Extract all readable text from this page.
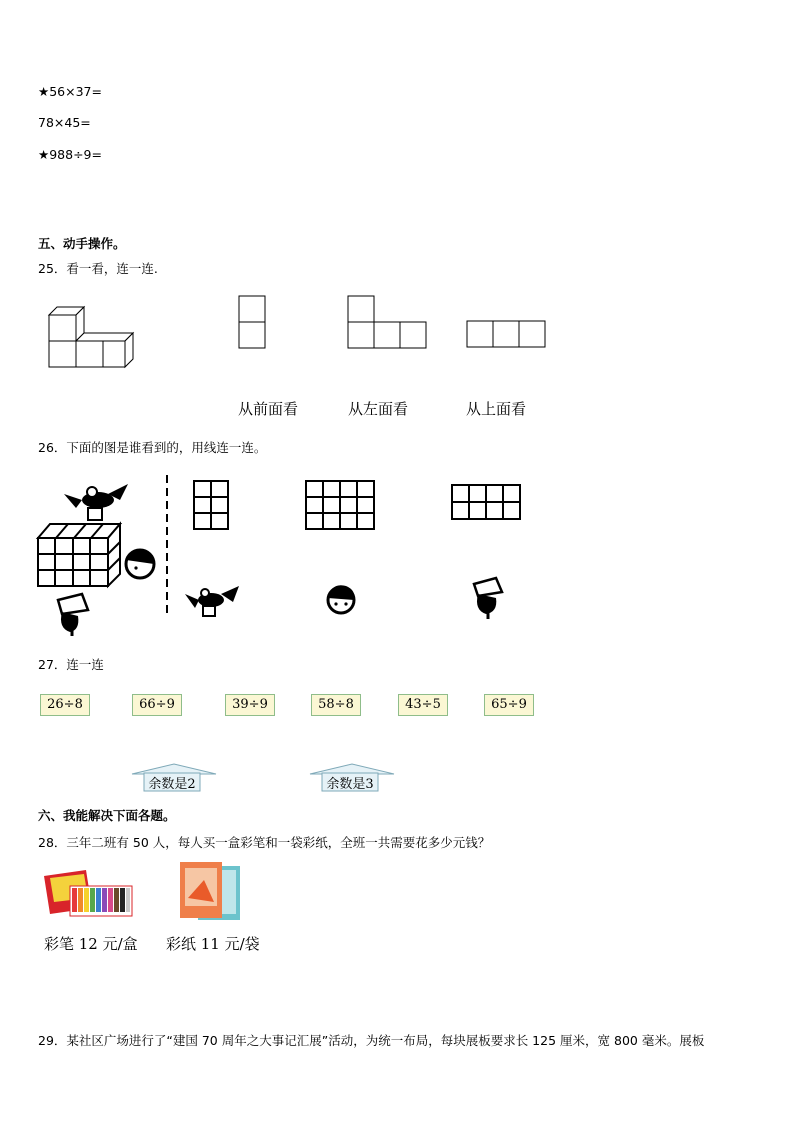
★56×37=
78×45=
★988÷9=
五、动手操作。
25．看一看，连一连.
从前面看	从左面看	从上面看
26．下面的图是谁看到的，用线连一连。
27．连一连
26÷8	66÷9	39÷9	58÷8	43÷5	65÷9
余数是2	余数是3
六、我能解决下面各题。
28．三年二班有 50 人，每人买一盒彩笔和一袋彩纸，全班一共需要花多少元钱？
彩笔 12 元/盒 彩纸 11 元/袋
29．某社区广场进行了“建国 70 周年之大事记汇展”活动，为统一布局，每块展板要求长 125 厘米，宽 800 毫米。展板
